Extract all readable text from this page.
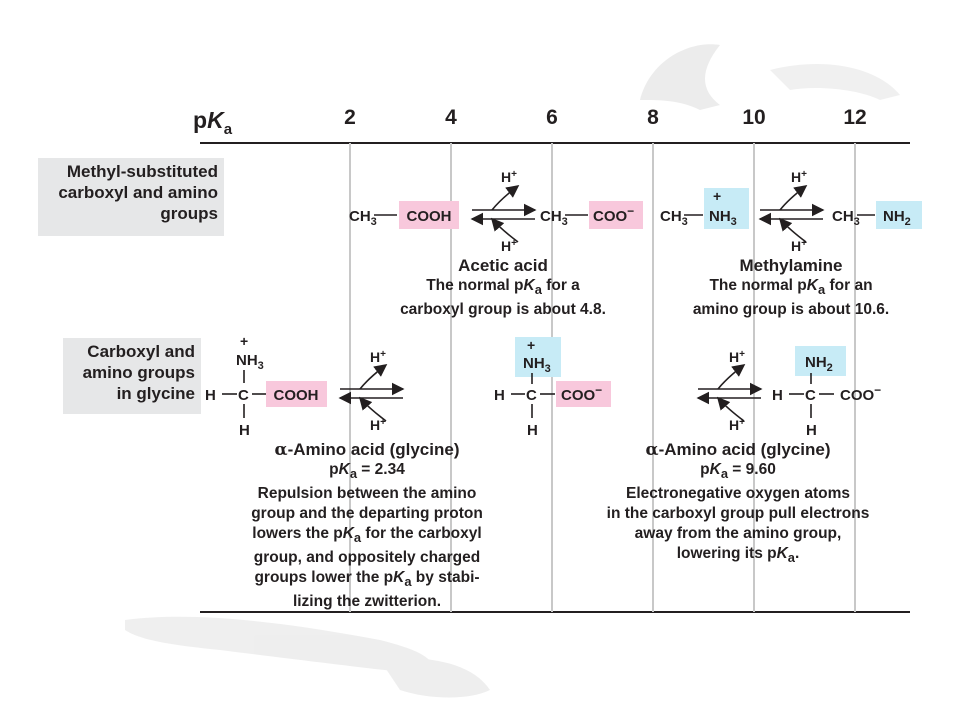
$pK_a$
2	4	6	8	10	12
$CH_3$ COOH
H+
H+
$CH_3$ COO− $CH_3$
+
$NH_3$
H+
H+
$CH_3$ $NH_2$
+
$NH_3$
H C COOH
H
H+
H+
+
$NH_3$
H C COO−
H
H+
H+
$NH_2$
H C COO−
H
Methyl-substituted carboxyl and amino groups
Carboxyl and amino groups in glycine
Acetic acid
The normal $pK_a$ for a
carboxyl group is about 4.8.
Methylamine
The normal $pK_a$ for an
amino group is about 10.6.
α-Amino acid (glycine)
$pK_a = 2.34$
Repulsion between the amino
group and the departing proton
lowers the $pK_a$ for the carboxyl
group, and oppositely charged
groups lower the $pK_a$ by stabi-
lizing the zwitterion.
α-Amino acid (glycine)
$pK_a = 9.60$
Electronegative oxygen atoms
in the carboxyl group pull electrons
away from the amino group,
lowering its $pK_a$.
